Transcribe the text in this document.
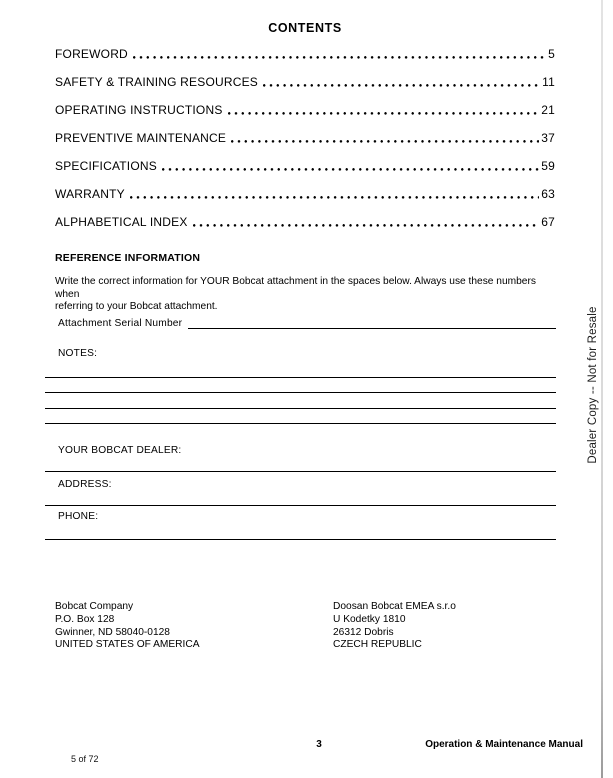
CONTENTS
FOREWORD	5
SAFETY & TRAINING RESOURCES	11
OPERATING INSTRUCTIONS	21
PREVENTIVE MAINTENANCE	37
SPECIFICATIONS	59
WARRANTY	63
ALPHABETICAL INDEX	67
REFERENCE INFORMATION
Write the correct information for YOUR Bobcat attachment in the spaces below. Always use these numbers when
referring to your Bobcat attachment.
Attachment Serial Number
NOTES:
YOUR BOBCAT DEALER:
ADDRESS:
PHONE:
Bobcat Company
P.O. Box 128
Gwinner, ND 58040-0128
UNITED STATES OF AMERICA
Doosan Bobcat EMEA s.r.o
U Kodetky 1810
26312 Dobris
CZECH REPUBLIC
Dealer Copy -- Not for Resale
3	Operation & Maintenance Manual
5 of 72
